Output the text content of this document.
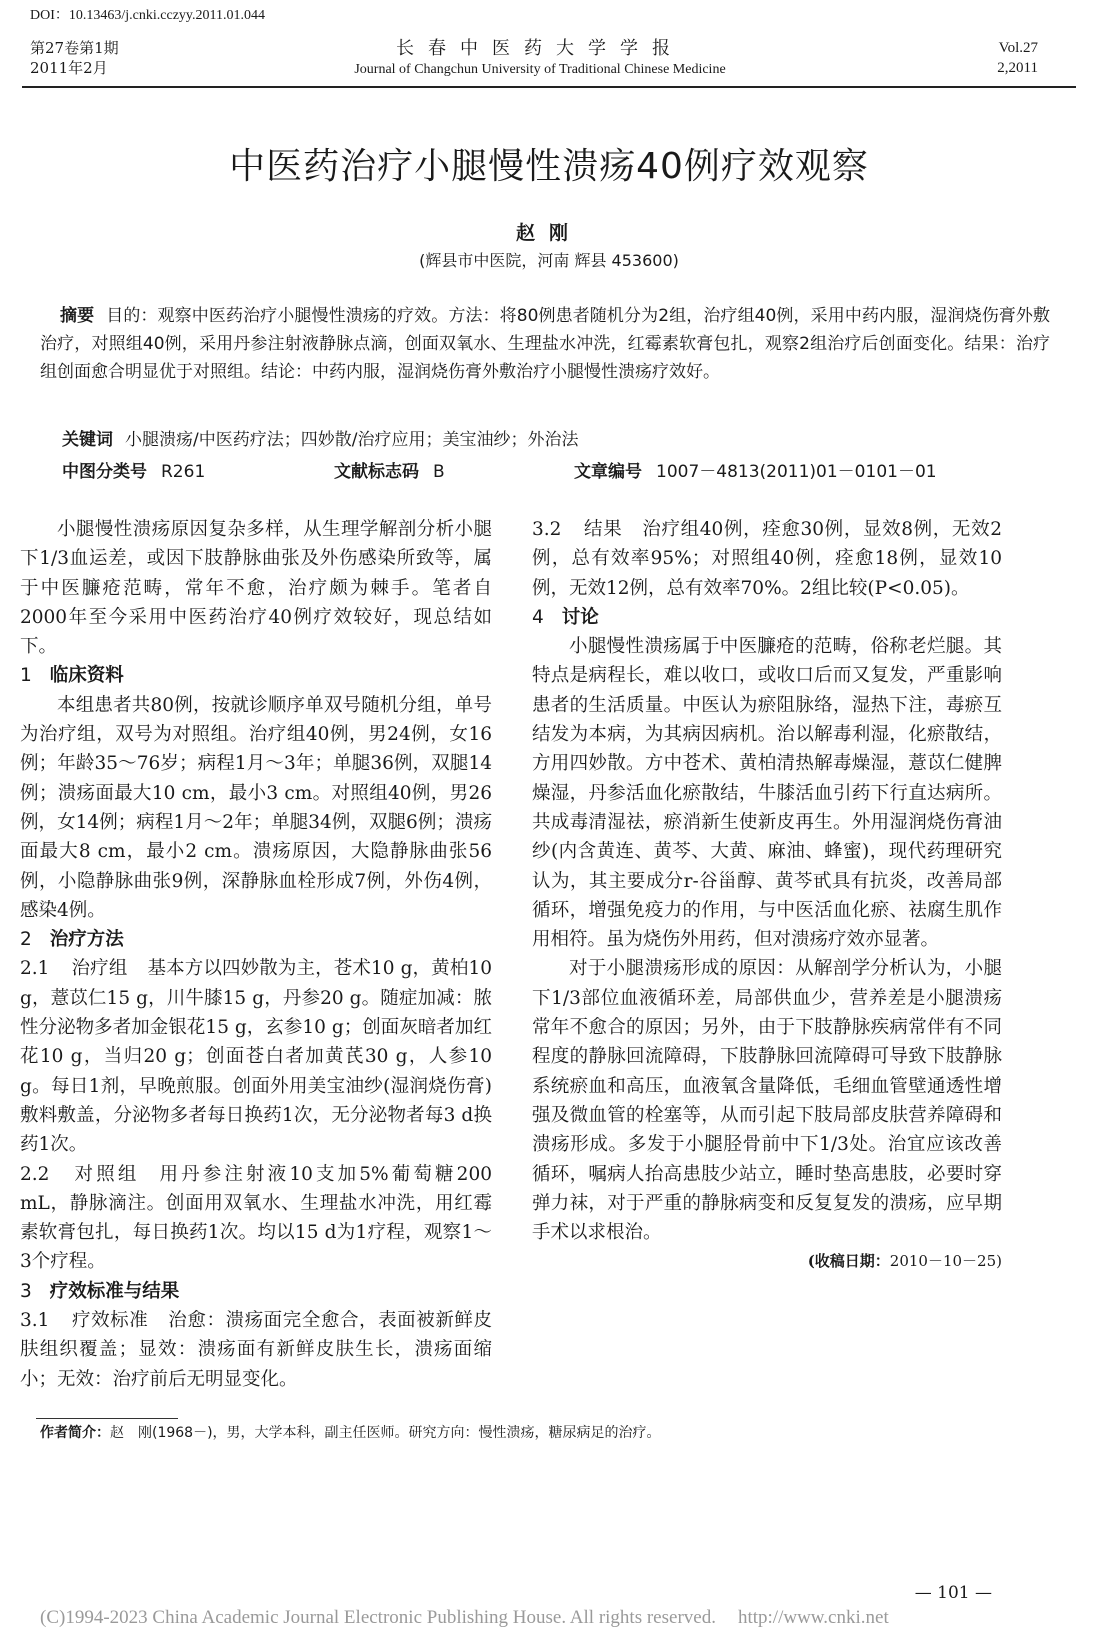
DOI：10.13463/j.cnki.cczyy.2011.01.044
第27卷第1期
2011年2月
长春中医药大学学报
Journal of Changchun University of Traditional Chinese Medicine
Vol.27
2,2011
中医药治疗小腿慢性溃疡40例疗效观察
赵刚
(辉县市中医院，河南 辉县 453600)
摘要 目的：观察中医药治疗小腿慢性溃疡的疗效。方法：将80例患者随机分为2组，治疗组40例，采用中药内服，湿润烧伤膏外敷治疗，对照组40例，采用丹参注射液静脉点滴，创面双氧水、生理盐水冲洗，红霉素软膏包扎，观察2组治疗后创面变化。结果：治疗组创面愈合明显优于对照组。结论：中药内服，湿润烧伤膏外敷治疗小腿慢性溃疡疗效好。
关键词 小腿溃疡/中医药疗法；四妙散/治疗应用；美宝油纱；外治法
中图分类号 R261	文献标志码 B	文章编号 1007－4813(2011)01－0101－01

小腿慢性溃疡原因复杂多样，从生理学解剖分析小腿下1/3血运差，或因下肢静脉曲张及外伤感染所致等，属于中医臁疮范畴，常年不愈，治疗颇为棘手。笔者自2000年至今采用中医药治疗40例疗效较好，现总结如下。

1 临床资料

本组患者共80例，按就诊顺序单双号随机分组，单号为治疗组，双号为对照组。治疗组40例，男24例，女16例；年龄35～76岁；病程1月～3年；单腿36例，双腿14例；溃疡面最大10 cm，最小3 cm。对照组40例，男26例，女14例；病程1月～2年；单腿34例，双腿6例；溃疡面最大8 cm，最小2 cm。溃疡原因，大隐静脉曲张56例，小隐静脉曲张9例，深静脉血栓形成7例，外伤4例，感染4例。

2 治疗方法

2.1 治疗组 基本方以四妙散为主，苍术10 g，黄柏10 g，薏苡仁15 g，川牛膝15 g，丹参20 g。随症加减：脓性分泌物多者加金银花15 g，玄参10 g；创面灰暗者加红花10 g，当归20 g；创面苍白者加黄芪30 g，人参10 g。每日1剂，早晚煎服。创面外用美宝油纱(湿润烧伤膏)敷料敷盖，分泌物多者每日换药1次，无分泌物者每3 d换药1次。

2.2 对照组 用丹参注射液10支加5%葡萄糖200 mL，静脉滴注。创面用双氧水、生理盐水冲洗，用红霉素软膏包扎，每日换药1次。均以15 d为1疗程，观察1～3个疗程。

3 疗效标准与结果

3.1 疗效标准 治愈：溃疡面完全愈合，表面被新鲜皮肤组织覆盖；显效：溃疡面有新鲜皮肤生长，溃疡面缩小；无效：治疗前后无明显变化。

3.2 结果 治疗组40例，痊愈30例，显效8例，无效2例，总有效率95%；对照组40例，痊愈18例，显效10例，无效12例，总有效率70%。2组比较(P<0.05)。

4 讨论

小腿慢性溃疡属于中医臁疮的范畴，俗称老烂腿。其特点是病程长，难以收口，或收口后而又复发，严重影响患者的生活质量。中医认为瘀阻脉络，湿热下注，毒瘀互结发为本病，为其病因病机。治以解毒利湿，化瘀散结，方用四妙散。方中苍术、黄柏清热解毒燥湿，薏苡仁健脾燥湿，丹参活血化瘀散结，牛膝活血引药下行直达病所。共成毒清湿祛，瘀消新生使新皮再生。外用湿润烧伤膏油纱(内含黄连、黄芩、大黄、麻油、蜂蜜)，现代药理研究认为，其主要成分r-谷甾醇、黄芩甙具有抗炎，改善局部循环，增强免疫力的作用，与中医活血化瘀、祛腐生肌作用相符。虽为烧伤外用药，但对溃疡疗效亦显著。

对于小腿溃疡形成的原因：从解剖学分析认为，小腿下1/3部位血液循环差，局部供血少，营养差是小腿溃疡常年不愈合的原因；另外，由于下肢静脉疾病常伴有不同程度的静脉回流障碍，下肢静脉回流障碍可导致下肢静脉系统瘀血和高压，血液氧含量降低，毛细血管壁通透性增强及微血管的栓塞等，从而引起下肢局部皮肤营养障碍和溃疡形成。多发于小腿胫骨前中下1/3处。治宜应该改善循环，嘱病人抬高患肢少站立，睡时垫高患肢，必要时穿弹力袜，对于严重的静脉病变和反复复发的溃疡，应早期手术以求根治。

(收稿日期：2010－10－25)

作者简介：赵　刚(1968－)，男，大学本科，副主任医师。研究方向：慢性溃疡，糖尿病足的治疗。
— 101 —
(C)1994-2023 China Academic Journal Electronic Publishing House. All rights reserved. http://www.cnki.net
